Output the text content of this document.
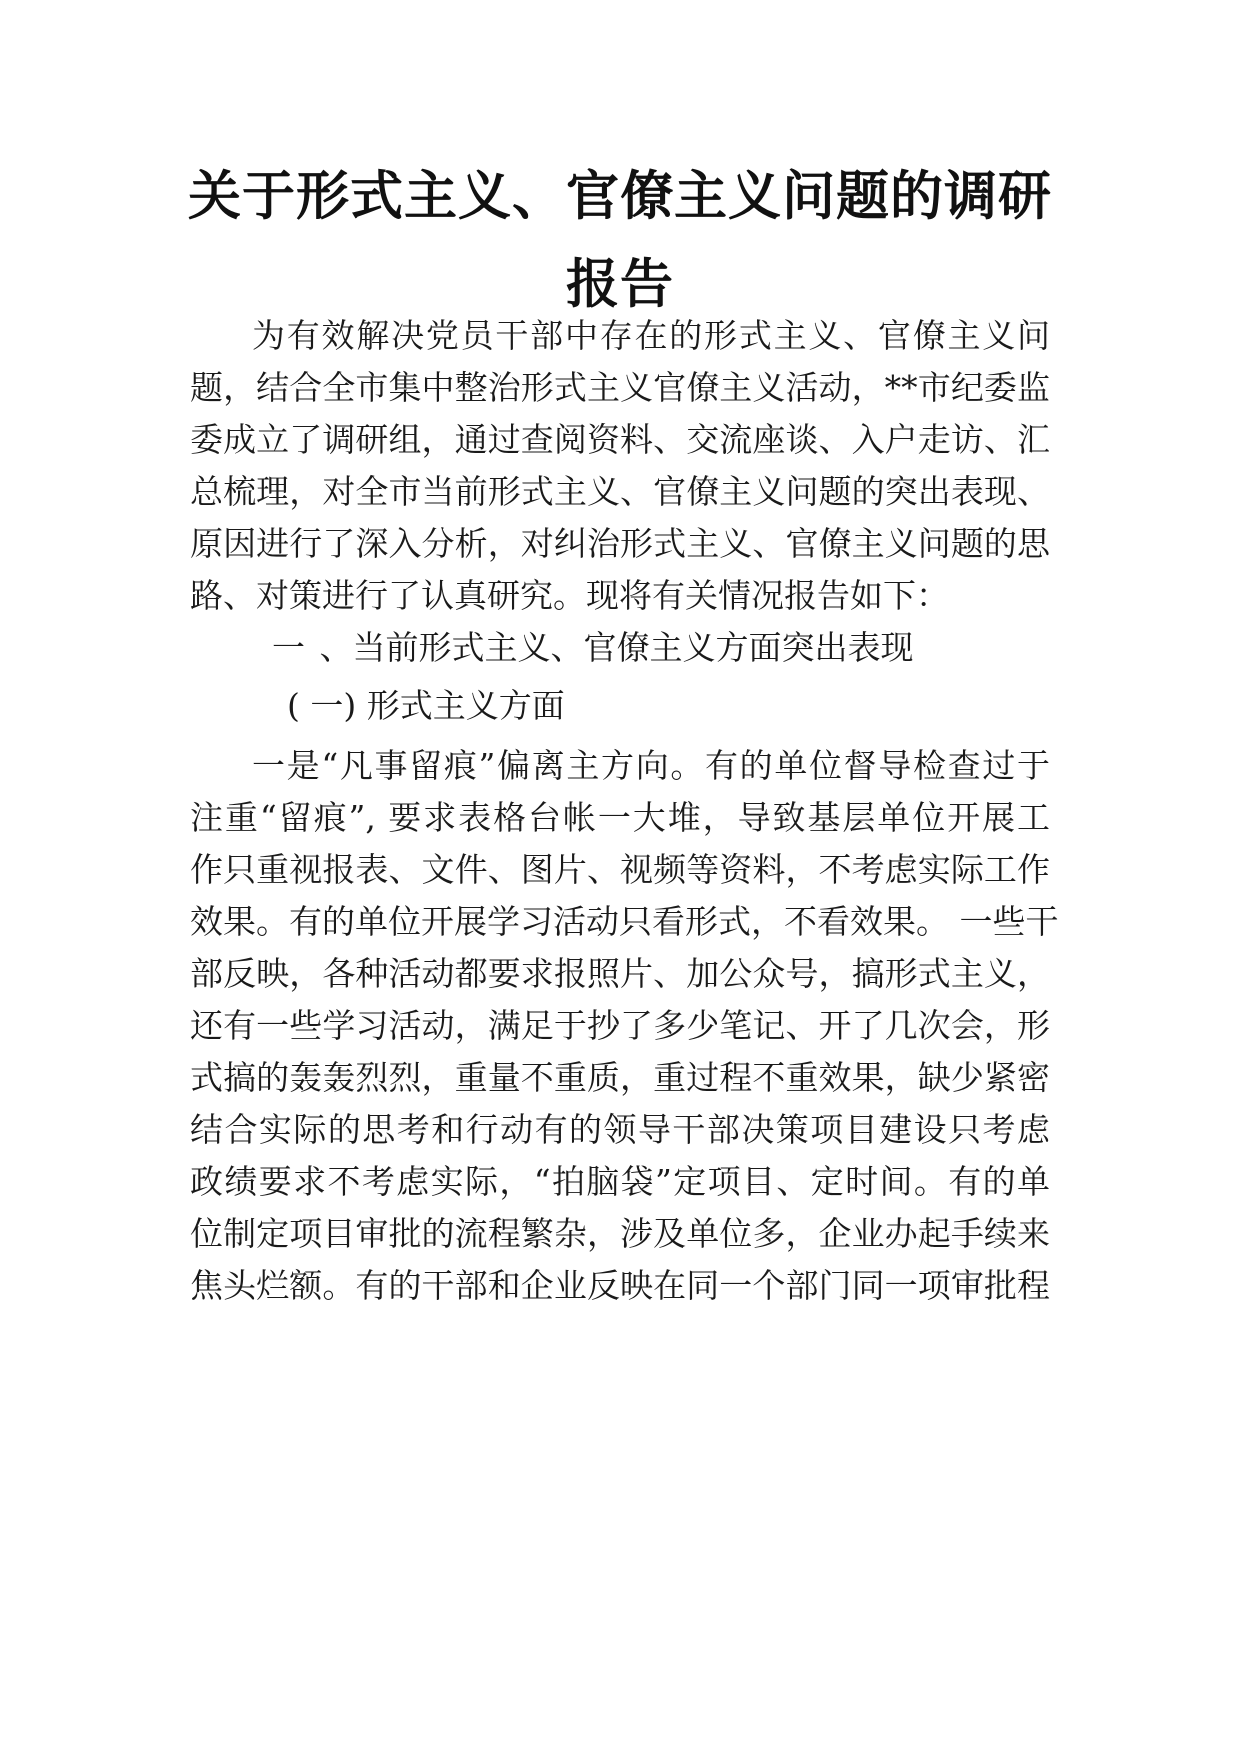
关于形式主义、官僚主义问题的调研
报告
为有效解决党员干部中存在的形式主义、官僚主义问
题，结合全市集中整治形式主义官僚主义活动，**市纪委监
委成立了调研组，通过查阅资料、交流座谈、入户走访、汇
总梳理，对全市当前形式主义、官僚主义问题的突出表现、
原因进行了深入分析，对纠治形式主义、官僚主义问题的思
路、对策进行了认真研究。现将有关情况报告如下：
一 、当前形式主义、官僚主义方面突出表现
( 一) 形式主义方面
一是“凡事留痕”偏离主方向。有的单位督导检查过于
注重“留痕”, 要求表格台帐一大堆，导致基层单位开展工
作只重视报表、文件、图片、视频等资料，不考虑实际工作
效果。有的单位开展学习活动只看形式，不看效果。 一些干
部反映，各种活动都要求报照片、加公众号，搞形式主义，
还有一些学习活动，满足于抄了多少笔记、开了几次会，形
式搞的轰轰烈烈，重量不重质，重过程不重效果，缺少紧密
结合实际的思考和行动有的领导干部决策项目建设只考虑
政绩要求不考虑实际，“拍脑袋”定项目、定时间。有的单
位制定项目审批的流程繁杂，涉及单位多，企业办起手续来
焦头烂额。有的干部和企业反映在同一个部门同一项审批程
